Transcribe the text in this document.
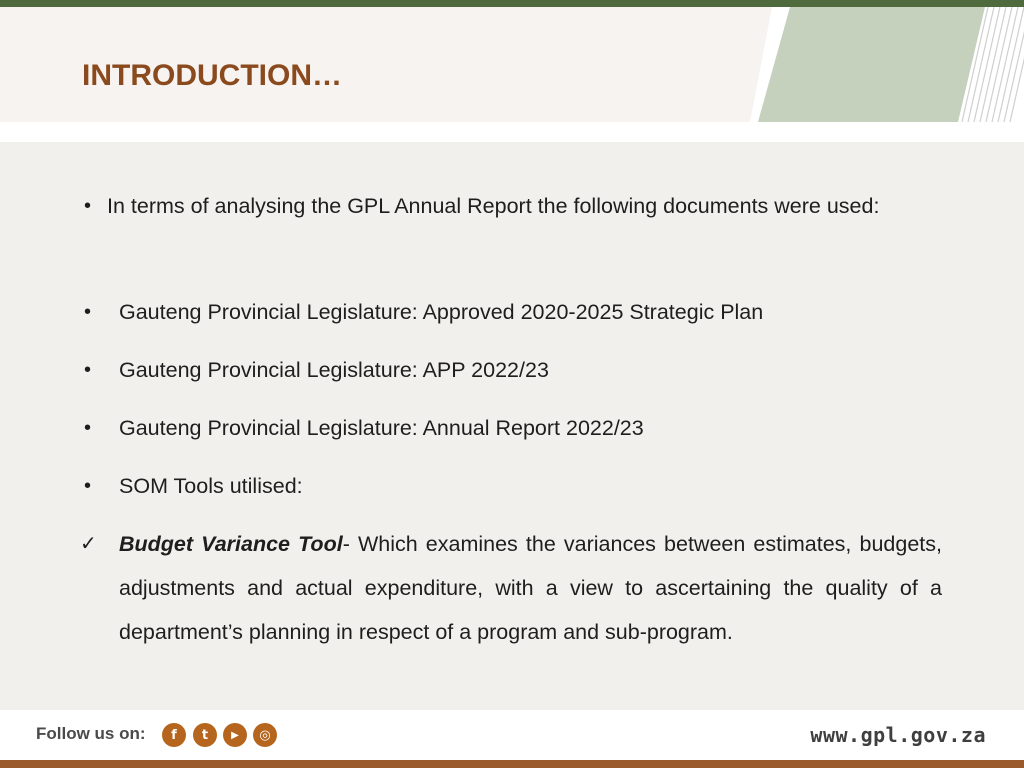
INTRODUCTION…
• In terms of analysing the GPL Annual Report the following documents were used:

• Gauteng Provincial Legislature: Approved 2020-2025 Strategic Plan
• Gauteng Provincial Legislature: APP 2022/23
• Gauteng Provincial Legislature: Annual Report 2022/23
• SOM Tools utilised:
✓ Budget Variance Tool- Which examines the variances between estimates, budgets, adjustments and actual expenditure, with a view to ascertaining the quality of a department’s planning in respect of a program and sub-program.

Follow us on:	f	t	▶	◎	www.gpl.gov.za
